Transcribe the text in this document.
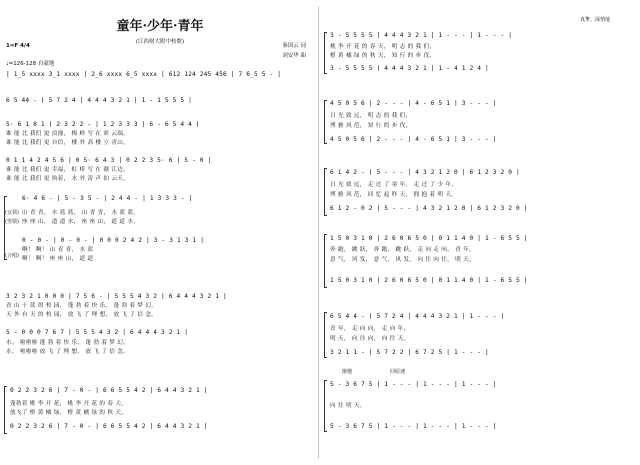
童年·少年·青年
(江西财大附中校歌)
秦国云 词
刘安华 曲
1=F 4/4
♩=126-128 自豪地
| 1_5 xxxx 3_1 xxxx | 2_6 xxxx 6_5 xxxx | 612 124 245 456 | 7 6_5 5 - |
6 5 4̣4 - | 5 7 2 4 | 4̇ 4 4 3 2 1 | 1 - 1 5 5 5 |
5· 6 1 8 1 | 2 3 2 2 - | 1 2 3 3 3 | 6 - 6 5 4 4 |
谁 能 比 我们 更 浪漫， 梅 岭 写 在 彩 云端。
谁 能 比 我们 更 自信， 楼 外 高 楼 立 青山。
0 1 1 4 2 4 5 6 | 0 5· 6 4 3 | 0 2 2 3 5· 6 | 5 - 0 |
谁 能 比 我们 更 幸福， 虹 桥 写 在 赣 江边。
谁 能 比 我们 更 执着， 水 外 涛 声 拍 云天。
6· 4 6 - | 5 - 3 5 - | 2 4 4 - | 1 3 3 3 - |
(女领)
(男领)
山 青 青， 水 蓝 蓝， 山 青 青， 水 蓝 蓝，
座 座 山， 道 道 水， 座 座 山， 道 道 水，
0 - 0 - | 0 - 0 - | 0 0 0 2 4 2 | 3 - 3 1 3 1 |
(合唱)
啊！ 啊！ 山 青 青， 水 蓝
啊！ 啊！ 座 座 山， 道 道
3 2 3 2 1 0 0 0 | 7 5 6 - | 5 5 5 4 3 2 | 6 4 4 4 3 2 1 |
青 山 于 蓝 的 校 园， 蓬 勃 着 快 乐， 蓬 勃 着 梦 幻。
天 外 有 天 的 校 园， 放 飞 了 理 想， 放 飞 了 信 念。
5 - 0 0 0 7 6 7 | 5 5 5 4 3 2 | 6 4 4 4 3 2 1 |
水。 啦啦啦 蓬 勃 着 快 乐， 蓬 勃 着 梦 幻，
水。 啦啦啦 放 飞 了 理 想， 放 飞 了 信 念。
0 2 2 3 2 6 | 7 - 0 - | 6 6 5 5 4 2 | 6 4 4 3 2 1 |
蓬勃着 桃 李 开 花， 桃 李 开 花 的 春 天，
放飞了 橙 黄 橘 绿， 橙 黄 橘 绿 的 秋 天，
0 2 2 3 2 6 | 7 - 0 - | 6 6 5 5 4 2 | 6 4 4 3 2 1 |
真挚、深情地
3 - 5 5 5 5 | 4 4 4 3 2 1 | 1 - - - | 1 - - - |
桃 李 开 花 的 春 天， 明 志 的 我 们，
橙 黄 橘 绿 的 秋 天， 知 行 的 步 伐，
3 - 5 5 5 5 | 4 4 4 3 2 1 | 1 - 4 1 2 4 |
4 5 0 5 6 | 2 - - - | 4 - 6 5 1 | 3 - - - |
日 光 致 远， 明 志 的 我 们，
博 雅 风 范， 知 行 的 步 伐，
4 5 0 5 6 | 2 - - - | 4 - 6 5 1 | 3 - - - |
6 1 4 2 - | 5 - - - | 4 3 2 1 2 0 | 6 1 2 3 2 0 |
日 光 致 远， 走 过 了 童 年， 走 过 了 少 年，
博 雅 风 范， 回 忆 起 昨 天， 拥 抱 着 明 天。
6 1 2 - 0 2 | 5 - - - | 4 3 2 1 2 0 | 6 1 2 3 2 0 |
1 5 0 3 1 0 | 2 6 0 6 5 0 | 0 1 1 4 0 | 1 - 6 5 5 |
奔 跑， 跳 跃， 奔 跑， 跳 跃， 走 向 走 向， 青 年，
意 气， 风 发， 意 气， 风 发， 向 往 向 往， 明 天。
1 5 0 3 1 0 | 2 6 0 6 5 0 | 0 1 1 4 0 | 1 - 6 5 5 |
6 5 4 4 - | 5 7 2 4 | 4̇ 4 4 3 2 1 | 1 - - - |
青 年， 走 向 向， 走 向 年，
明 天， 向 往 向， 向 往 天。
3 2 1 1 - | 5 7 2 2 | 6 7 2 5 | 1 - - - |
渐慢	回原速
5 - 3 6 7 5 | 1 - - - | 1 - - - | 1 - - - |
向 往 明 天。
5 - 3 6 7 5 | 1 - - - | 1 - - - | 1 - - - |
